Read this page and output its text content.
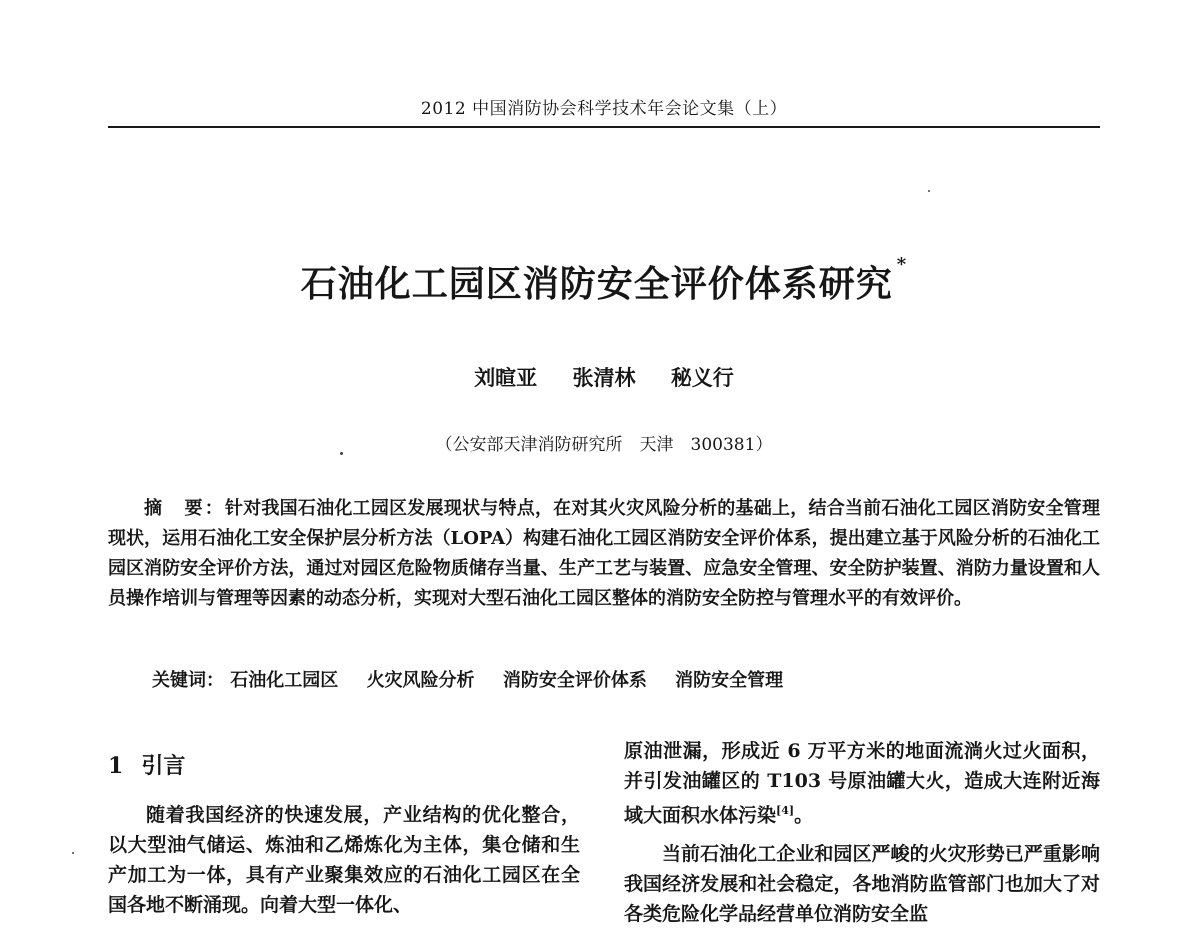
2012 中国消防协会科学技术年会论文集（上）
石油化工园区消防安全评价体系研究 *
刘暄亚 张清林 秘义行
（公安部天津消防研究所　天津　300381）

摘　要：针对我国石油化工园区发展现状与特点，在对其火灾风险分析的基础上，结合当前石油化工园区消防安全管理现状，运用石油化工安全保护层分析方法（LOPA）构建石油化工园区消防安全评价体系，提出建立基于风险分析的石油化工园区消防安全评价方法，通过对园区危险物质储存当量、生产工艺与装置、应急安全管理、安全防护装置、消防力量设置和人员操作培训与管理等因素的动态分析，实现对大型石油化工园区整体的消防安全防控与管理水平的有效评价。

关键词： 石油化工园区 火灾风险分析 消防安全评价体系 消防安全管理

1 引言

随着我国经济的快速发展，产业结构的优化整合，以大型油气储运、炼油和乙烯炼化为主体，集仓储和生产加工为一体，具有产业聚集效应的石油化工园区在全国各地不断涌现。向着大型一体化、

原油泄漏，形成近 6 万平方米的地面流淌火过火面积，并引发油罐区的 T103 号原油罐大火，造成大连附近海域大面积水体污染[4]。

当前石油化工企业和园区严峻的火灾形势已严重影响我国经济发展和社会稳定，各地消防监管部门也加大了对各类危险化学品经营单位消防安全监
